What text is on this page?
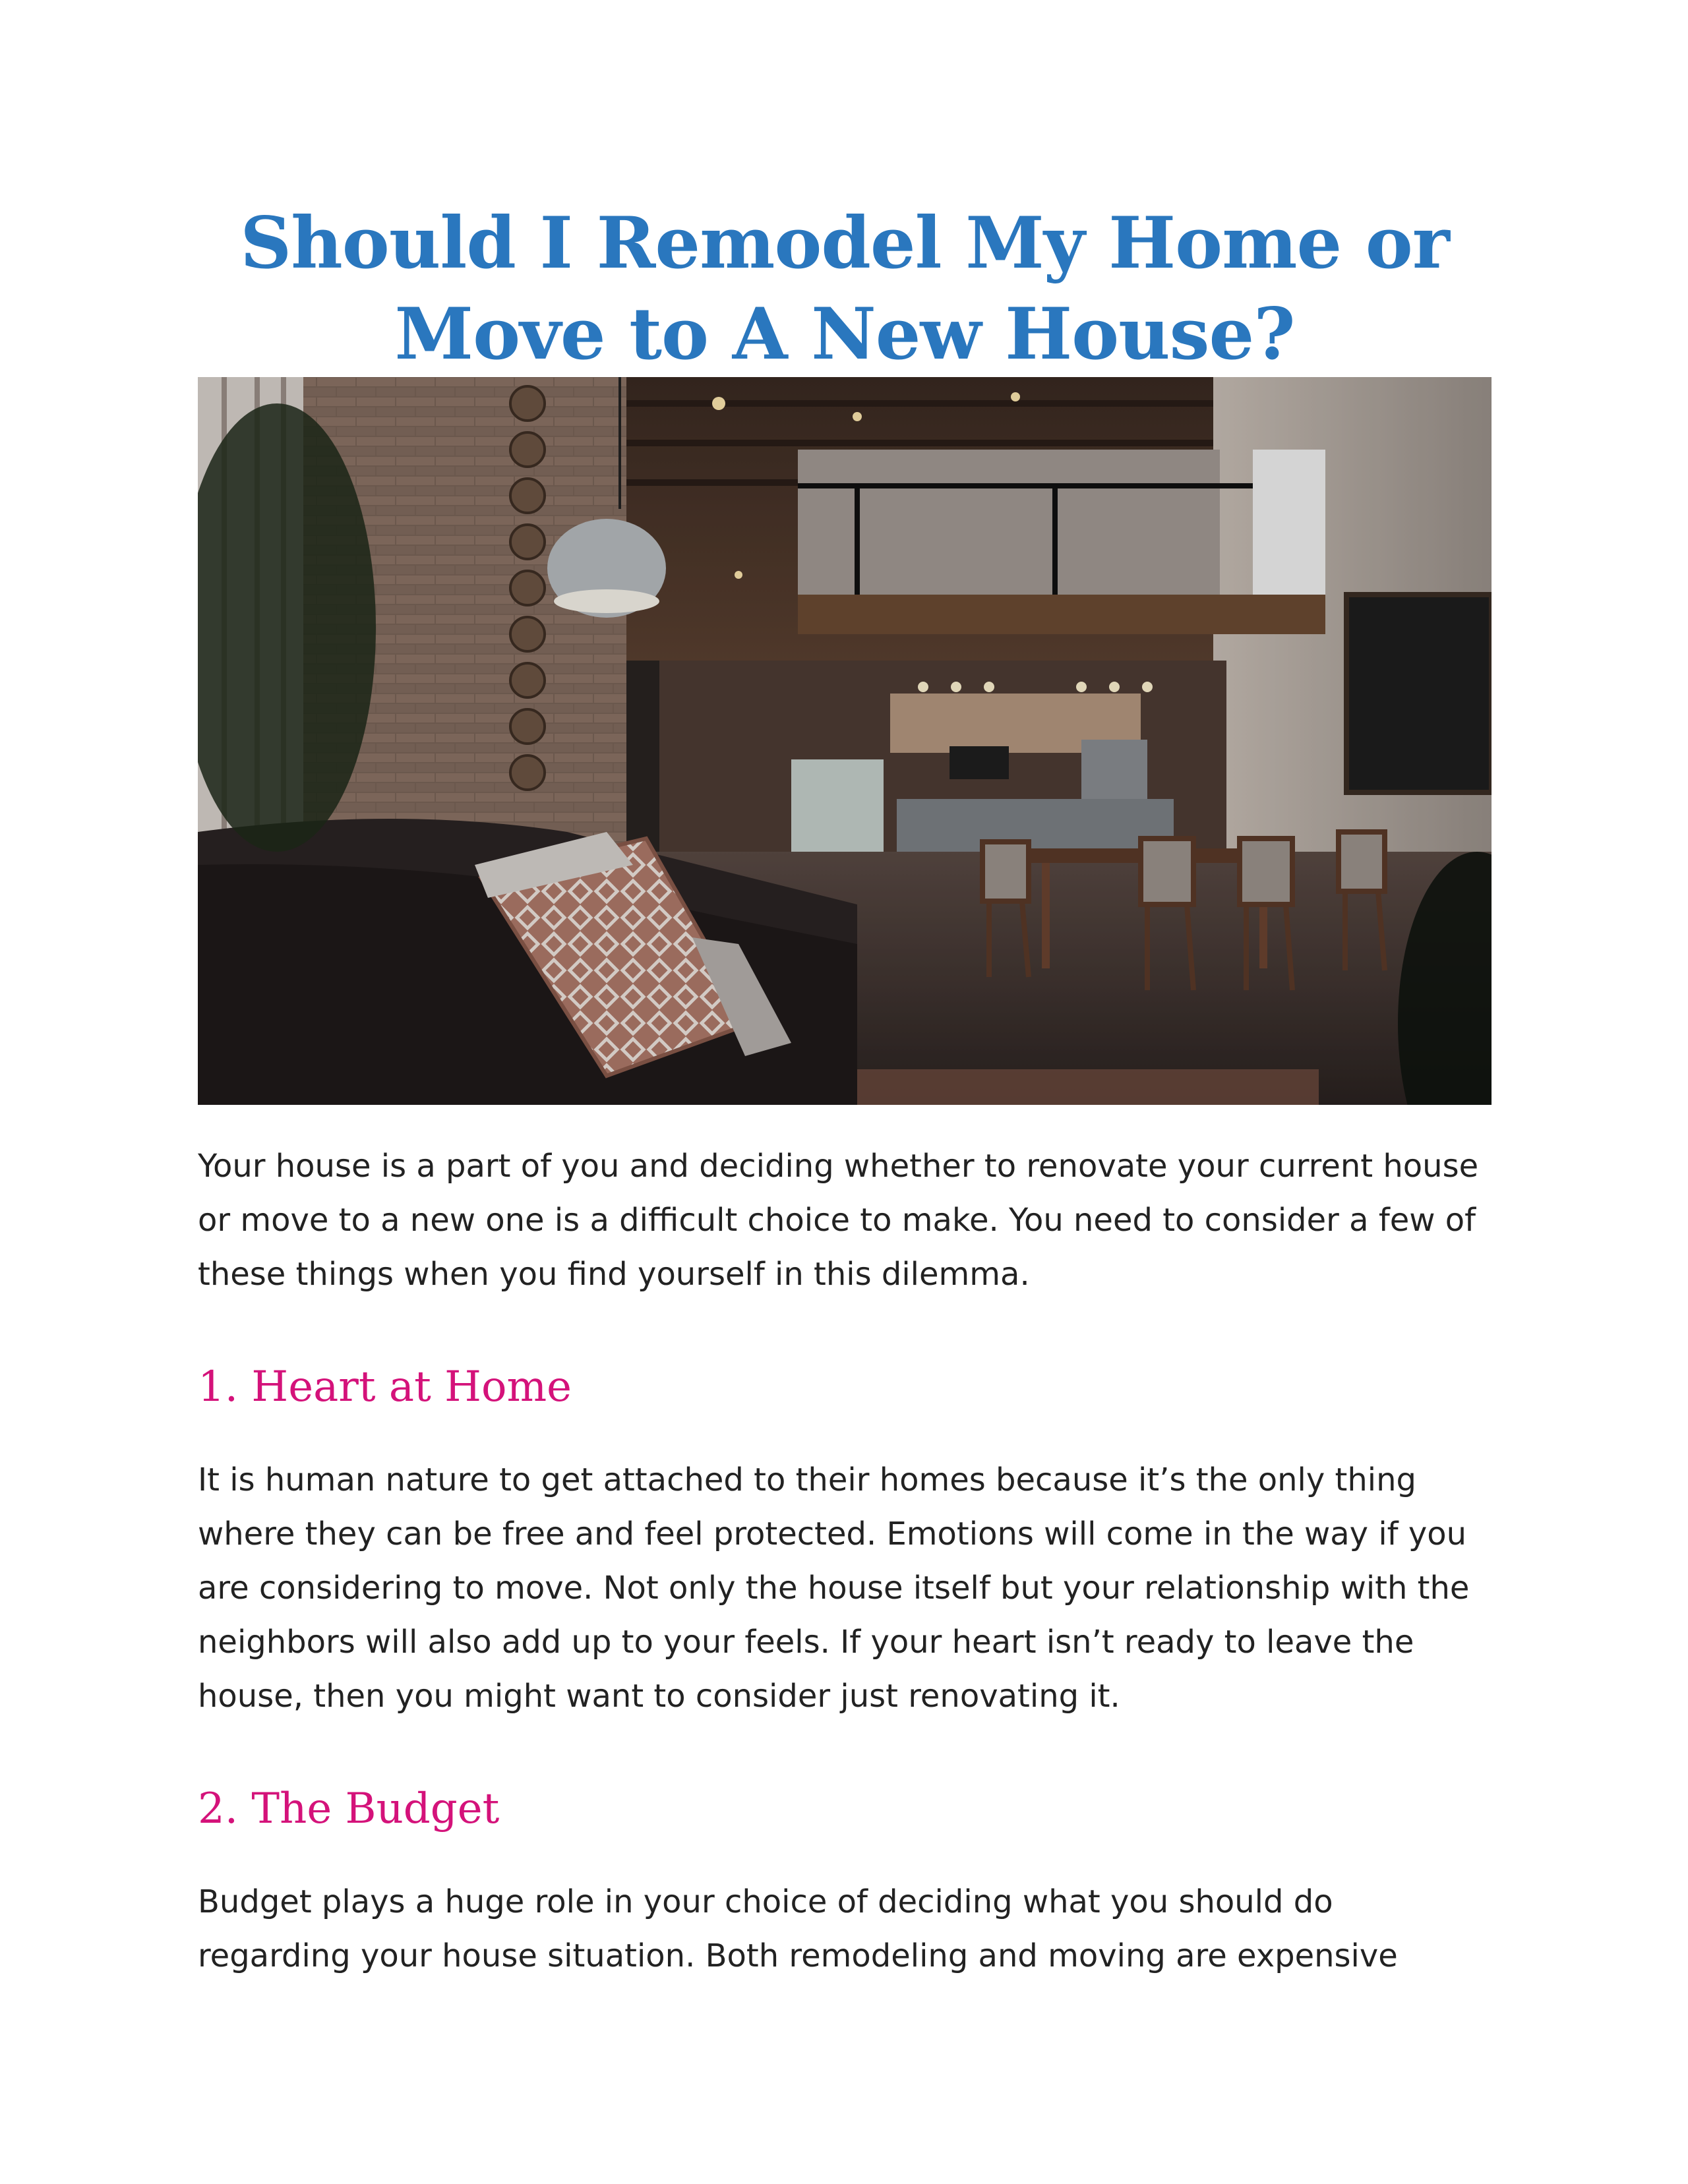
Should I Remodel My Home or
Move to A New House?

Your house is a part of you and deciding whether to renovate your current house or move to a new one is a difficult choice to make. You need to consider a few of these things when you find yourself in this dilemma.

1. Heart at Home

It is human nature to get attached to their homes because it’s the only thing where they can be free and feel protected. Emotions will come in the way if you are considering to move. Not only the house itself but your relationship with the neighbors will also add up to your feels. If your heart isn’t ready to leave the house, then you might want to consider just renovating it.

2. The Budget

Budget plays a huge role in your choice of deciding what you should do regarding your house situation. Both remodeling and moving are expensive
